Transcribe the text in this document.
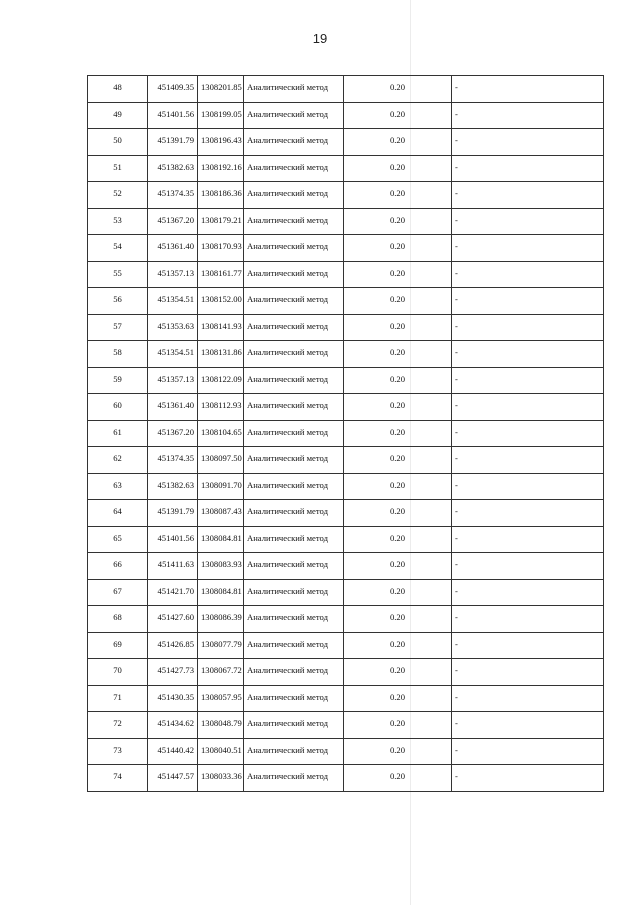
19
48	451409.35	1308201.85	Аналитический метод	0.20	-
49	451401.56	1308199.05	Аналитический метод	0.20	-
50	451391.79	1308196.43	Аналитический метод	0.20	-
51	451382.63	1308192.16	Аналитический метод	0.20	-
52	451374.35	1308186.36	Аналитический метод	0.20	-
53	451367.20	1308179.21	Аналитический метод	0.20	-
54	451361.40	1308170.93	Аналитический метод	0.20	-
55	451357.13	1308161.77	Аналитический метод	0.20	-
56	451354.51	1308152.00	Аналитический метод	0.20	-
57	451353.63	1308141.93	Аналитический метод	0.20	-
58	451354.51	1308131.86	Аналитический метод	0.20	-
59	451357.13	1308122.09	Аналитический метод	0.20	-
60	451361.40	1308112.93	Аналитический метод	0.20	-
61	451367.20	1308104.65	Аналитический метод	0.20	-
62	451374.35	1308097.50	Аналитический метод	0.20	-
63	451382.63	1308091.70	Аналитический метод	0.20	-
64	451391.79	1308087.43	Аналитический метод	0.20	-
65	451401.56	1308084.81	Аналитический метод	0.20	-
66	451411.63	1308083.93	Аналитический метод	0.20	-
67	451421.70	1308084.81	Аналитический метод	0.20	-
68	451427.60	1308086.39	Аналитический метод	0.20	-
69	451426.85	1308077.79	Аналитический метод	0.20	-
70	451427.73	1308067.72	Аналитический метод	0.20	-
71	451430.35	1308057.95	Аналитический метод	0.20	-
72	451434.62	1308048.79	Аналитический метод	0.20	-
73	451440.42	1308040.51	Аналитический метод	0.20	-
74	451447.57	1308033.36	Аналитический метод	0.20	-
